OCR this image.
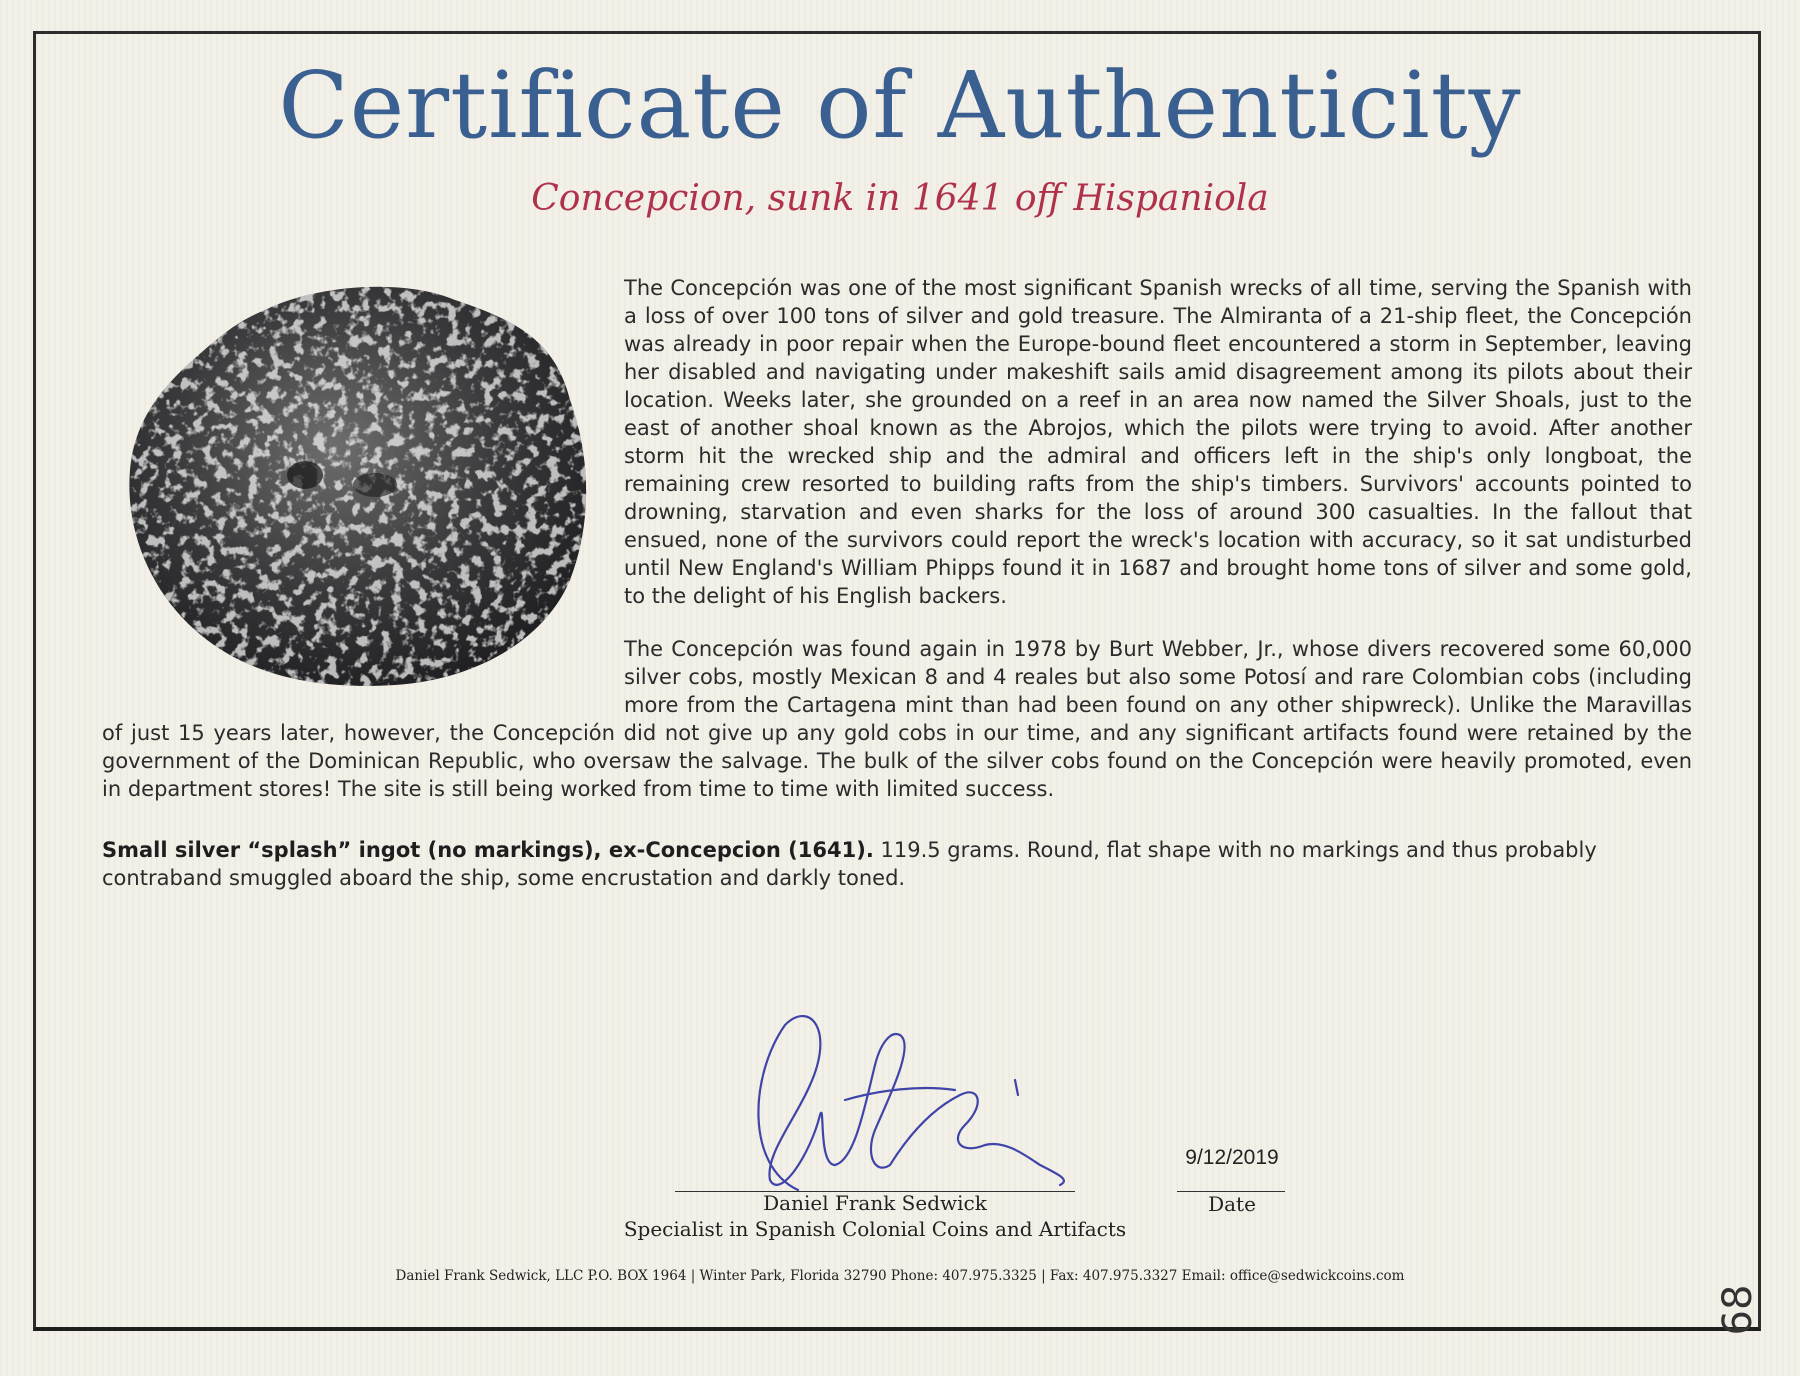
Certificate of Authenticity
Concepcion, sunk in 1641 off Hispaniola

The Concepción was one of the most significant Spanish wrecks of all time, serving the Spanish with a loss of over 100 tons of silver and gold treasure. The Almiranta of a 21-ship fleet, the Concepción was already in poor repair when the Europe-bound fleet encountered a storm in September, leaving her disabled and navigating under makeshift sails amid disagreement among its pilots about their location. Weeks later, she grounded on a reef in an area now named the Silver Shoals, just to the east of another shoal known as the Abrojos, which the pilots were trying to avoid. After another storm hit the wrecked ship and the admiral and officers left in the ship's only longboat, the remaining crew resorted to building rafts from the ship's timbers. Survivors' accounts pointed to drowning, starvation and even sharks for the loss of around 300 casualties. In the fallout that ensued, none of the survivors could report the wreck's location with accuracy, so it sat undisturbed until New England's William Phipps found it in 1687 and brought home tons of silver and some gold, to the delight of his English backers.

The Concepción was found again in 1978 by Burt Webber, Jr., whose divers recovered some 60,000 silver cobs, mostly Mexican 8 and 4 reales but also some Potosí and rare Colombian cobs (including more from the Cartagena mint than had been found on any other shipwreck). Unlike the Maravillas of just 15 years later, however, the Concepción did not give up any gold cobs in our time, and any significant artifacts found were retained by the government of the Dominican Republic, who oversaw the salvage. The bulk of the silver cobs found on the Concepción were heavily promoted, even in department stores! The site is still being worked from time to time with limited success.

Small silver “splash” ingot (no markings), ex-Concepcion (1641). 119.5 grams. Round, flat shape with no markings and thus probably contraband smuggled aboard the ship, some encrustation and darkly toned.
Daniel Frank Sedwick
Specialist in Spanish Colonial Coins and Artifacts
9/12/2019
Date
Daniel Frank Sedwick, LLC P.O. BOX 1964 | Winter Park, Florida 32790 Phone: 407.975.3325 | Fax: 407.975.3327 Email: office@sedwickcoins.com
68
